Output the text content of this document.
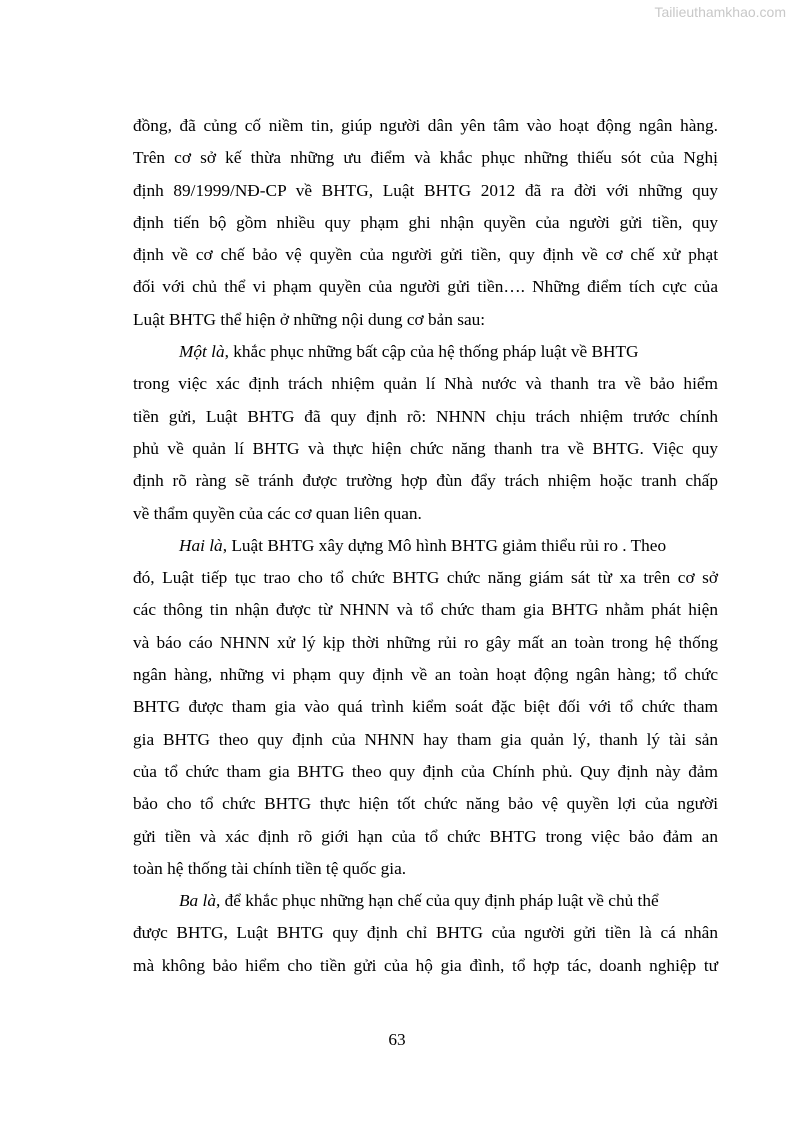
Tailieuthamkhao.com
đồng, đã củng cố niềm tin, giúp người dân yên tâm vào hoạt động ngân hàng.
Trên cơ sở kế thừa những ưu điểm và khắc phục những thiếu sót của Nghị
định 89/1999/NĐ-CP về BHTG, Luật BHTG 2012 đã ra đời với những quy
định tiến bộ gồm nhiều quy phạm ghi nhận quyền của người gửi tiền, quy
định về cơ chế bảo vệ quyền của người gửi tiền, quy định về cơ chế xử phạt
đối với chủ thể vi phạm quyền của người gửi tiền…. Những điểm tích cực của
Luật BHTG thể hiện ở những nội dung cơ bản sau:
Một là, khắc phục những bất cập của hệ thống pháp luật về BHTG
trong việc xác định trách nhiệm quản lí Nhà nước và thanh tra về bảo hiểm
tiền gửi, Luật BHTG đã quy định rõ: NHNN chịu trách nhiệm trước chính
phủ về quản lí BHTG và thực hiện chức năng thanh tra về BHTG. Việc quy
định rõ ràng sẽ tránh được trường hợp đùn đẩy trách nhiệm hoặc tranh chấp
về thẩm quyền của các cơ quan liên quan.
Hai là, Luật BHTG xây dựng Mô hình BHTG giảm thiểu rủi ro . Theo
đó, Luật tiếp tục trao cho tổ chức BHTG chức năng giám sát từ xa trên cơ sở
các thông tin nhận được từ NHNN và tổ chức tham gia BHTG nhằm phát hiện
và báo cáo NHNN xử lý kịp thời những rủi ro gây mất an toàn trong hệ thống
ngân hàng, những vi phạm quy định về an toàn hoạt động ngân hàng; tổ chức
BHTG được tham gia vào quá trình kiểm soát đặc biệt đối với tổ chức tham
gia BHTG theo quy định của NHNN hay tham gia quản lý, thanh lý tài sản
của tổ chức tham gia BHTG theo quy định của Chính phủ. Quy định này đảm
bảo cho tổ chức BHTG thực hiện tốt chức năng bảo vệ quyền lợi của người
gửi tiền và xác định rõ giới hạn của tổ chức BHTG trong việc bảo đảm an
toàn hệ thống tài chính tiền tệ quốc gia.
Ba là, để khắc phục những hạn chế của quy định pháp luật về chủ thể
được BHTG, Luật BHTG quy định chỉ BHTG của người gửi tiền là cá nhân
mà không bảo hiểm cho tiền gửi của hộ gia đình, tổ hợp tác, doanh nghiệp tư
63
